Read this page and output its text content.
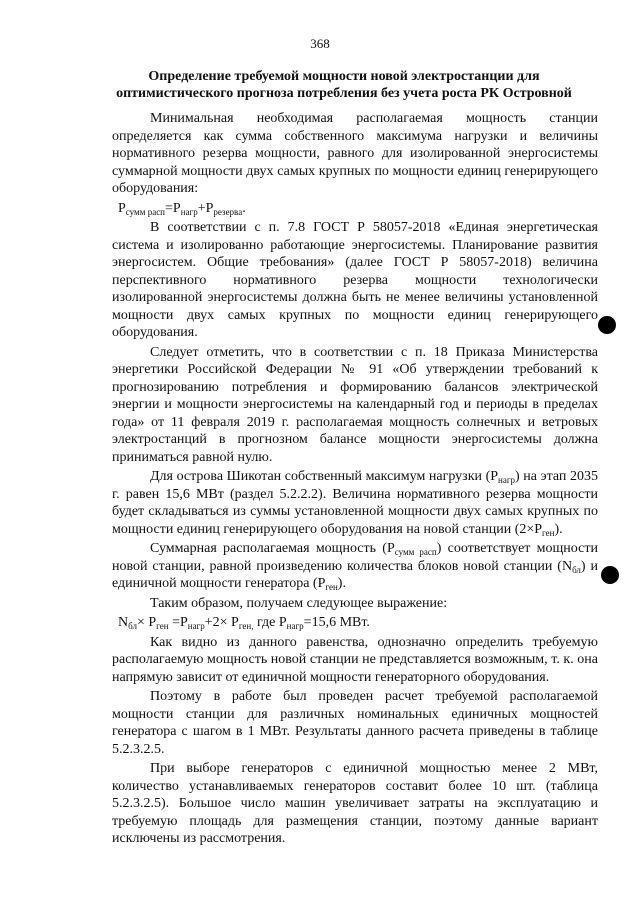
368
Определение требуемой мощности новой электростанции для
оптимистического прогноза потребления без учета роста РК Островной

Минимальная необходимая располагаемая мощность станции определяется как сумма собственного максимума нагрузки и величины нормативного резерва мощности, равного для изолированной энергосистемы суммарной мощности двух самых крупных по мощности единиц генерирующего оборудования:

$P_{сумм расп}=P_{нагр}+P_{резерва}$.

В соответствии с п. 7.8 ГОСТ Р 58057-2018 «Единая энергетическая система и изолированно работающие энергосистемы. Планирование развития энергосистем. Общие требования» (далее ГОСТ Р 58057-2018) величина перспективного нормативного резерва мощности технологически изолированной энергосистемы должна быть не менее величины установленной мощности двух самых крупных по мощности единиц генерирующего оборудования.

Следует отметить, что в соответствии с п. 18 Приказа Министерства энергетики Российской Федерации № 91 «Об утверждении требований к прогнозированию потребления и формированию балансов электрической энергии и мощности энергосистемы на календарный год и периоды в пределах года» от 11 февраля 2019 г. располагаемая мощность солнечных и ветровых электростанций в прогнозном балансе мощности энергосистемы должна приниматься равной нулю.

Для острова Шикотан собственный максимум нагрузки $(P_{нагр})$ на этап 2035 г. равен 15,6 МВт (раздел 5.2.2.2). Величина нормативного резерва мощности будет складываться из суммы установленной мощности двух самых крупных по мощности единиц генерирующего оборудования на новой станции $(2\times P_{ген})$.

Суммарная располагаемая мощность $(P_{сумм расп})$ соответствует мощности новой станции, равной произведению количества блоков новой станции $(N_{бл})$ и единичной мощности генератора $(P_{ген})$.

Таким образом, получаем следующее выражение:

$N_{бл}\times P_{ген} =P_{нагр}+2\times P_{ген,}$ где $P_{нагр}=15,6$ МВт.

Как видно из данного равенства, однозначно определить требуемую располагаемую мощность новой станции не представляется возможным, т. к. она напрямую зависит от единичной мощности генераторного оборудования.

Поэтому в работе был проведен расчет требуемой располагаемой мощности станции для различных номинальных единичных мощностей генератора с шагом в 1 МВт. Результаты данного расчета приведены в таблице 5.2.3.2.5.

При выборе генераторов с единичной мощностью менее 2 МВт, количество устанавливаемых генераторов составит более 10 шт. (таблица 5.2.3.2.5). Большое число машин увеличивает затраты на эксплуатацию и требуемую площадь для размещения станции, поэтому данные вариант исключены из рассмотрения.
